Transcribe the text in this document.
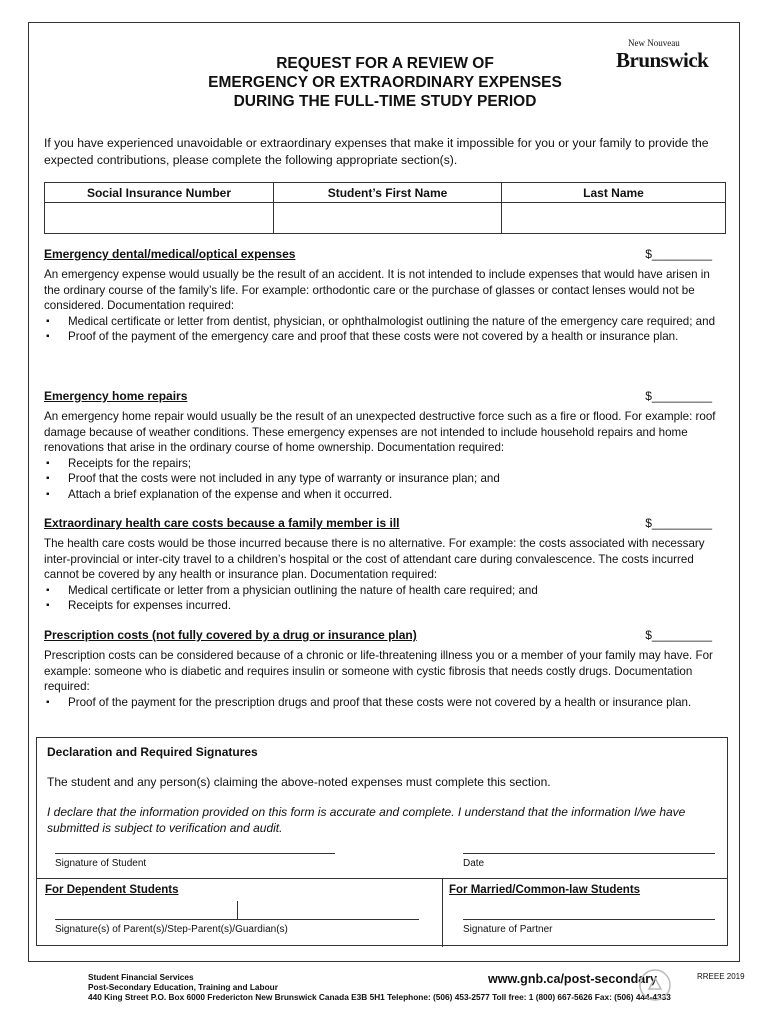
REQUEST FOR A REVIEW OF
EMERGENCY OR EXTRAORDINARY EXPENSES
DURING THE FULL-TIME STUDY PERIOD
New Nouveau
Brunswick
If you have experienced unavoidable or extraordinary expenses that make it impossible for you or your family to provide the expected contributions, please complete the following appropriate section(s).
Social Insurance Number	Student’s First Name	Last Name

Emergency dental/medical/optical expenses	$_________

An emergency expense would usually be the result of an accident. It is not intended to include expenses that would have arisen in the ordinary course of the family’s life. For example: orthodontic care or the purchase of glasses or contact lenses would not be considered. Documentation required:

▪ Medical certificate or letter from dentist, physician, or ophthalmologist outlining the nature of the emergency care required; and
▪ Proof of the payment of the emergency care and proof that these costs were not covered by a health or insurance plan.
Emergency home repairs	$_________

An emergency home repair would usually be the result of an unexpected destructive force such as a fire or flood. For example: roof damage because of weather conditions. These emergency expenses are not intended to include household repairs and home renovations that arise in the ordinary course of home ownership. Documentation required:

▪ Receipts for the repairs;
▪ Proof that the costs were not included in any type of warranty or insurance plan; and
▪ Attach a brief explanation of the expense and when it occurred.
Extraordinary health care costs because a family member is ill	$_________

The health care costs would be those incurred because there is no alternative. For example: the costs associated with necessary inter-provincial or inter-city travel to a children’s hospital or the cost of attendant care during convalescence. The costs incurred cannot be covered by any health or insurance plan. Documentation required:

▪ Medical certificate or letter from a physician outlining the nature of health care required; and
▪ Receipts for expenses incurred.
Prescription costs (not fully covered by a drug or insurance plan)	$_________

Prescription costs can be considered because of a chronic or life-threatening illness you or a member of your family may have. For example: someone who is diabetic and requires insulin or someone with cystic fibrosis that needs costly drugs. Documentation required:

▪ Proof of the payment for the prescription drugs and proof that these costs were not covered by a health or insurance plan.
Declaration and Required Signatures
The student and any person(s) claiming the above-noted expenses must complete this section.
I declare that the information provided on this form is accurate and complete. I understand that the information I/we have submitted is subject to verification and audit.
Signature of Student	Date
For Dependent Students	For Married/Common-law Students
Signature(s) of Parent(s)/Step-Parent(s)/Guardian(s)	Signature of Partner
Student Financial Services
Post-Secondary Education, Training and Labour
440 King Street P.O. Box 6000 Fredericton New Brunswick Canada E3B 5H1 Telephone: (506) 453-2577 Toll free: 1 (800) 667-5626 Fax: (506) 444-4333
www.gnb.ca/post-secondary	RREEE 2019
